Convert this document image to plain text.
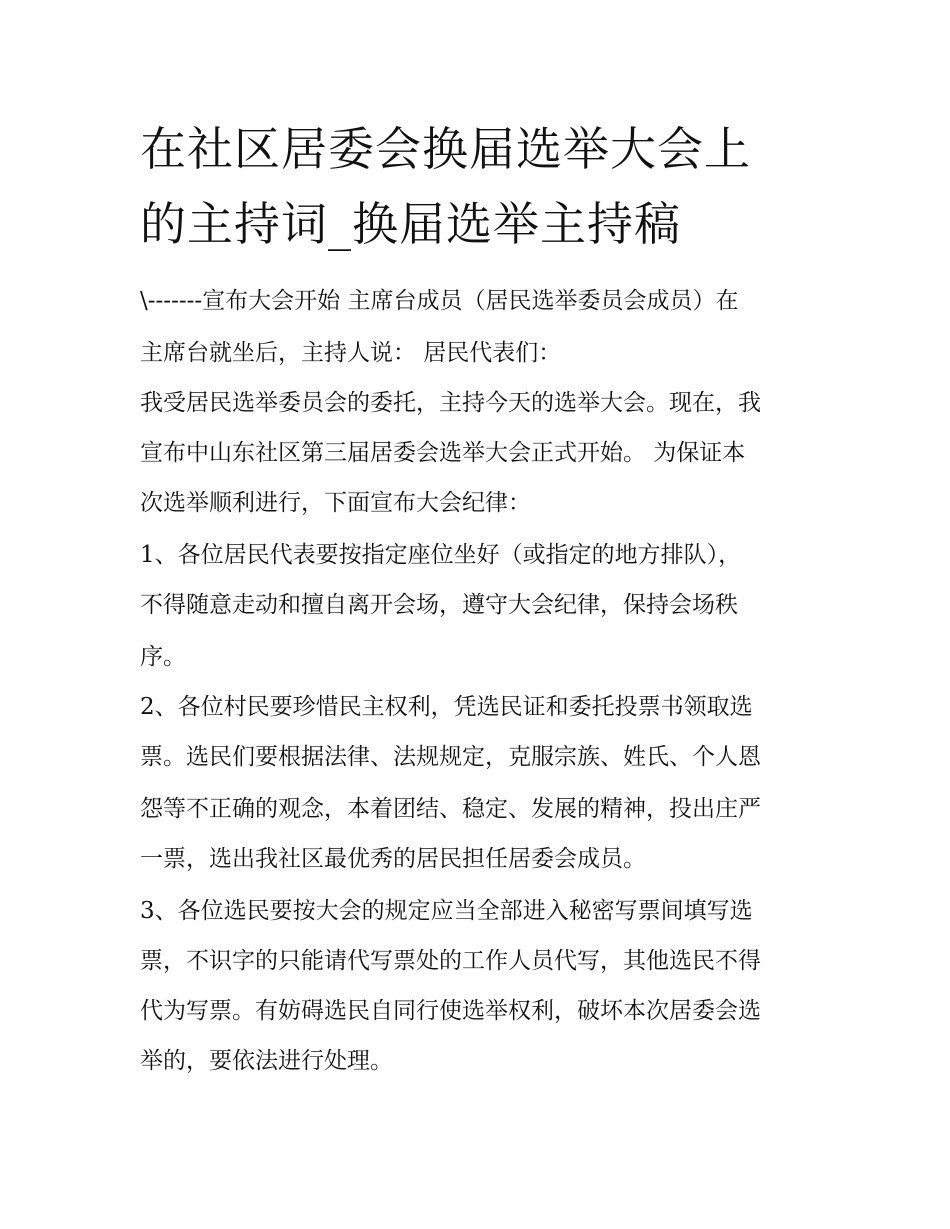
在社区居委会换届选举大会上
的主持词_换届选举主持稿

\-------宣布大会开始 主席台成员（居民选举委员会成员）在

主席台就坐后，主持人说： 居民代表们：

我受居民选举委员会的委托，主持今天的选举大会。现在，我

宣布中山东社区第三届居委会选举大会正式开始。 为保证本

次选举顺利进行，下面宣布大会纪律：

1、各位居民代表要按指定座位坐好（或指定的地方排队），

不得随意走动和擅自离开会场，遵守大会纪律，保持会场秩

序。

2、各位村民要珍惜民主权利，凭选民证和委托投票书领取选

票。选民们要根据法律、法规规定，克服宗族、姓氏、个人恩

怨等不正确的观念，本着团结、稳定、发展的精神，投出庄严

一票，选出我社区最优秀的居民担任居委会成员。

3、各位选民要按大会的规定应当全部进入秘密写票间填写选

票，不识字的只能请代写票处的工作人员代写，其他选民不得

代为写票。有妨碍选民自同行使选举权利，破坏本次居委会选

举的，要依法进行处理。
